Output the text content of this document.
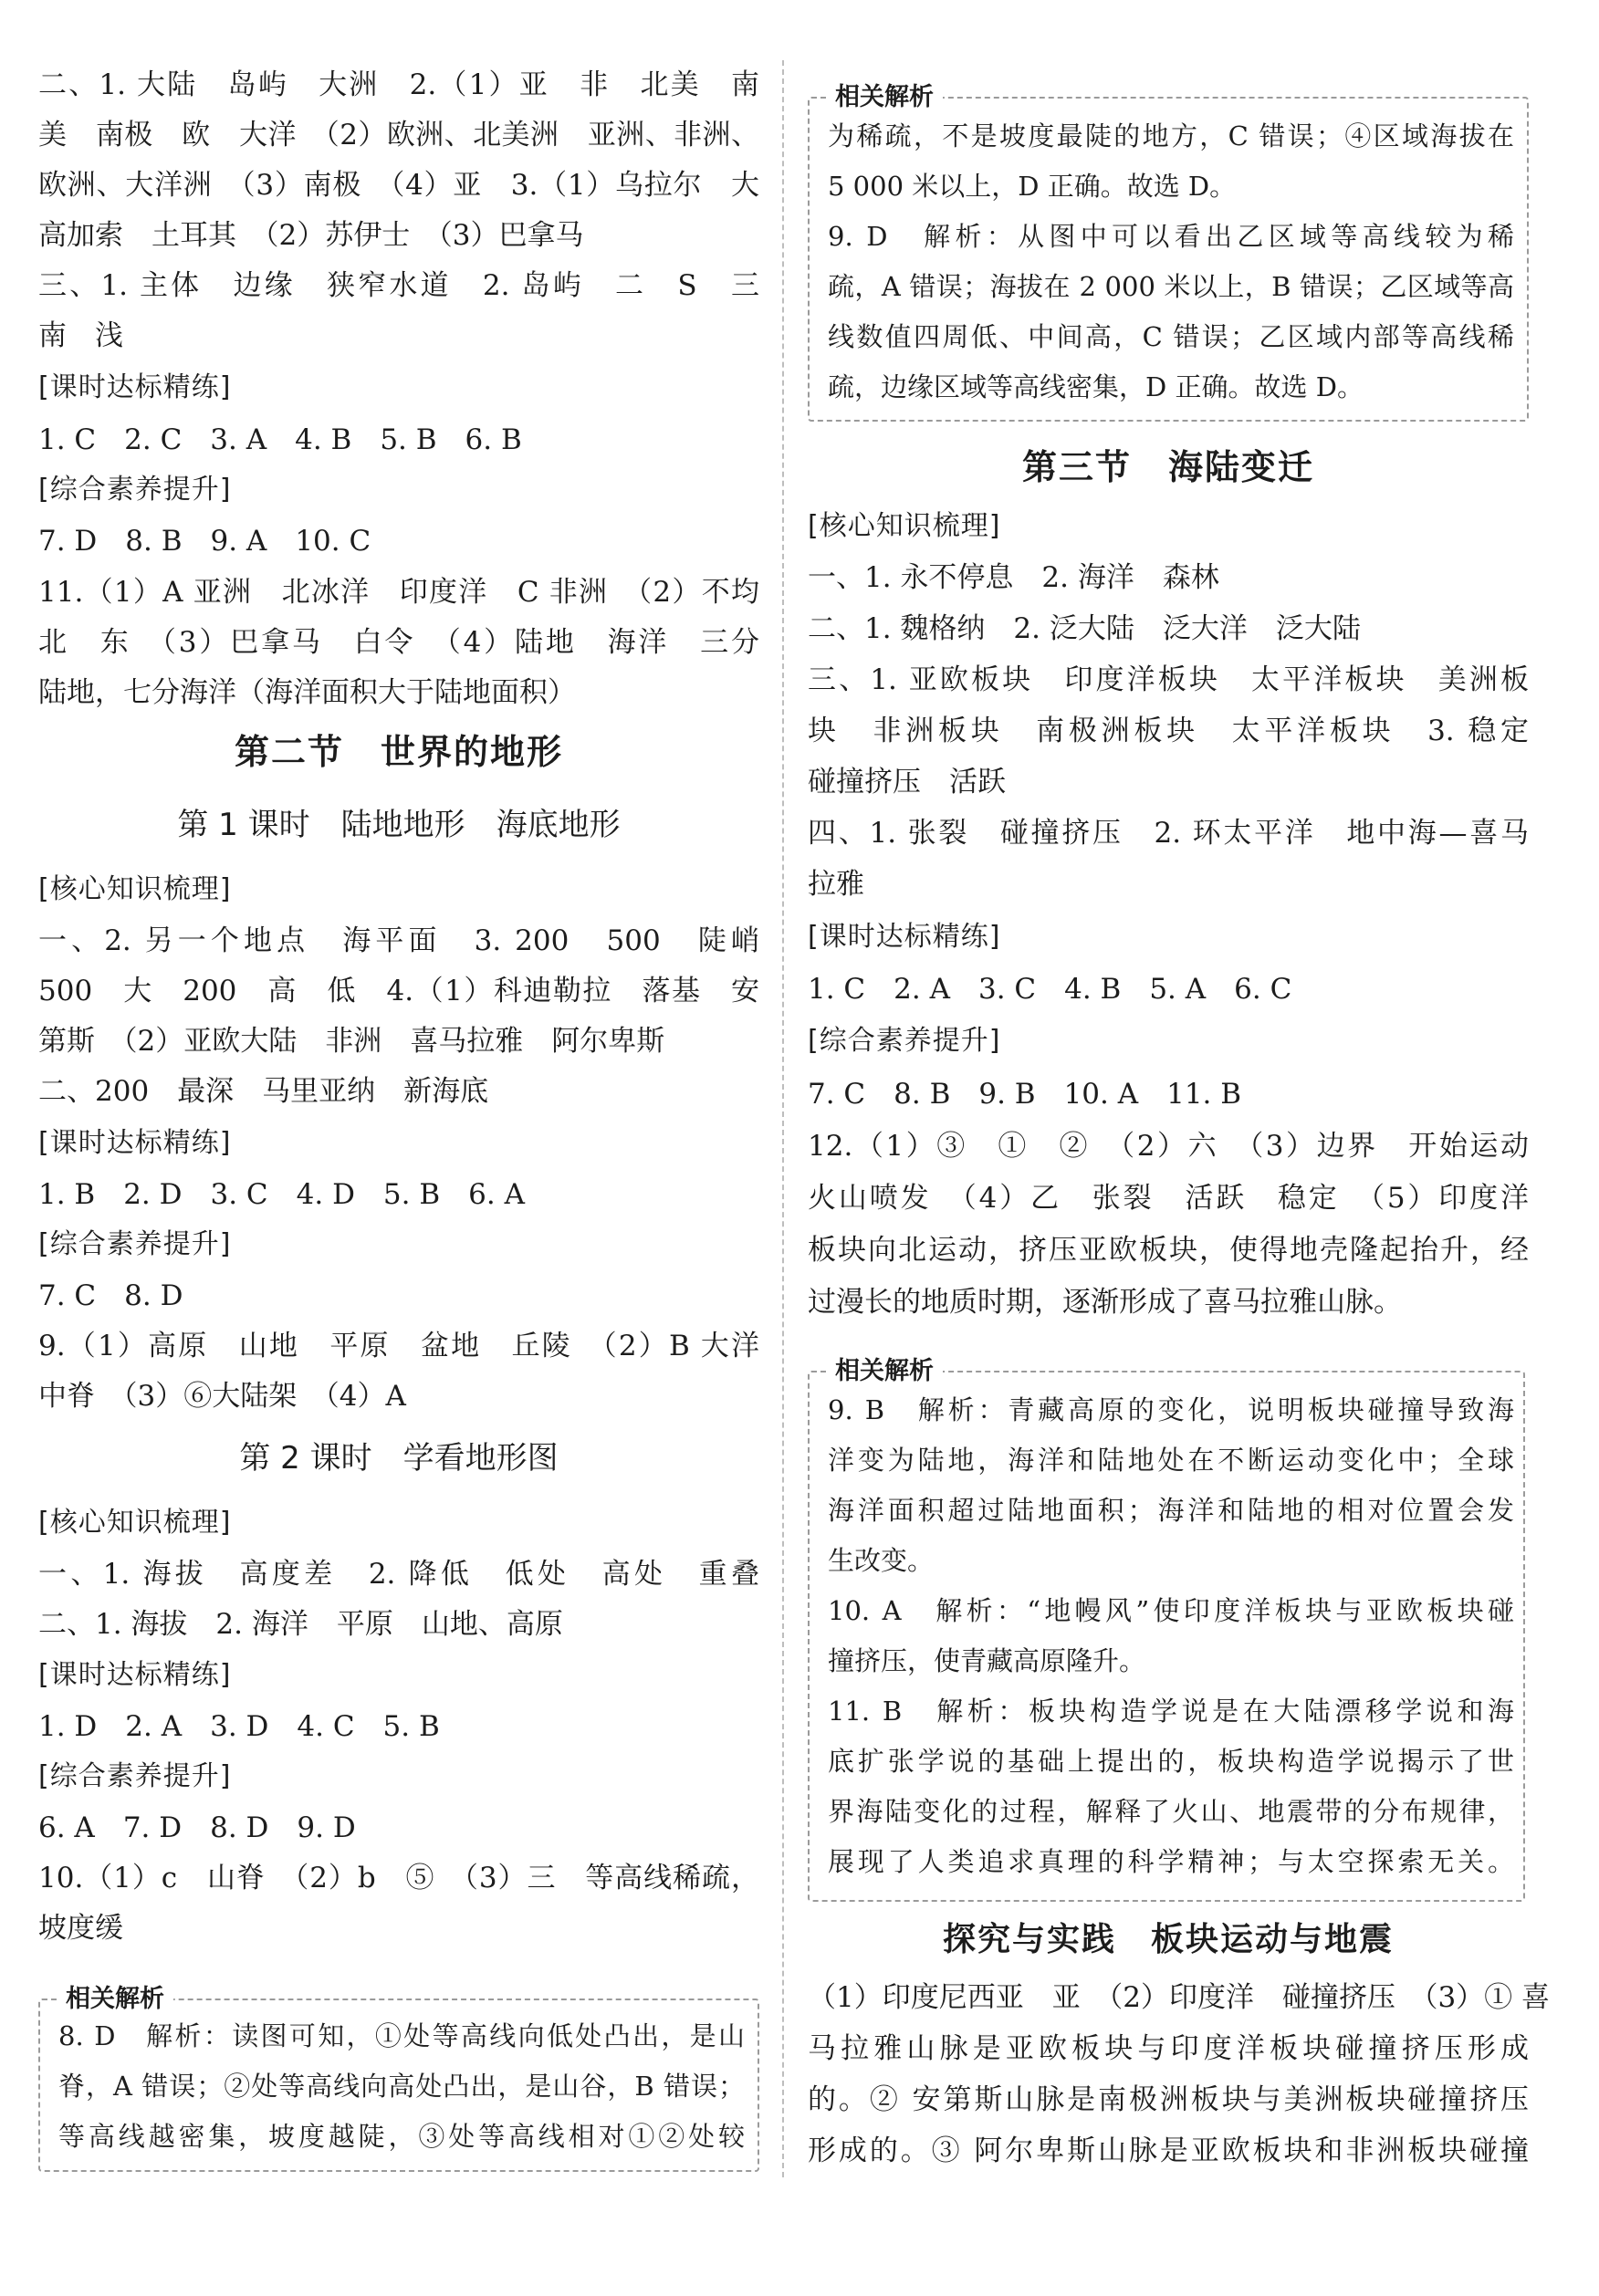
二、1. 大陆　岛屿　大洲　2.（1）亚　非　北美　南
美　南极　欧　大洋　（2）欧洲、北美洲　亚洲、非洲、
欧洲、大洋洲　（3）南极　（4）亚　3.（1）乌拉尔　大
高加索　土耳其　（2）苏伊士　（3）巴拿马
三、1. 主体　边缘　狭窄水道　2. 岛屿　二　S　三
南　浅
[课时达标精练]
1. C　2. C　3. A　4. B　5. B　6. B
[综合素养提升]
7. D　8. B　9. A　10. C
11.（1）A 亚洲　北冰洋　印度洋　C 非洲　（2）不均
北　东　（3）巴拿马　白令　（4）陆地　海洋　三分
陆地，七分海洋（海洋面积大于陆地面积）
第二节　世界的地形
第 1 课时　陆地地形　海底地形
[核心知识梳理]
一、2. 另一个地点　海平面　3. 200　500　陡峭
500　大　200　高　低　4.（1）科迪勒拉　落基　安
第斯　（2）亚欧大陆　非洲　喜马拉雅　阿尔卑斯
二、200　最深　马里亚纳　新海底
[课时达标精练]
1. B　2. D　3. C　4. D　5. B　6. A
[综合素养提升]
7. C　8. D
9.（1）高原　山地　平原　盆地　丘陵　（2）B 大洋
中脊　（3）⑥大陆架　（4）A
第 2 课时　学看地形图
[核心知识梳理]
一、1. 海拔　高度差　2. 降低　低处　高处　重叠
二、1. 海拔　2. 海洋　平原　山地、高原
[课时达标精练]
1. D　2. A　3. D　4. C　5. B
[综合素养提升]
6. A　7. D　8. D　9. D
10.（1）c　山脊　（2）b　⑤　（3）三　等高线稀疏，
坡度缓
相关解析
8. D　解析：读图可知，①处等高线向低处凸出，是山
脊，A 错误；②处等高线向高处凸出，是山谷，B 错误；
等高线越密集，坡度越陡，③处等高线相对①②处较
相关解析
为稀疏，不是坡度最陡的地方，C 错误；④区域海拔在
5 000 米以上，D 正确。故选 D。
9. D　解析：从图中可以看出乙区域等高线较为稀
疏，A 错误；海拔在 2 000 米以上，B 错误；乙区域等高
线数值四周低、中间高，C 错误；乙区域内部等高线稀
疏，边缘区域等高线密集，D 正确。故选 D。
第三节　海陆变迁
[核心知识梳理]
一、1. 永不停息　2. 海洋　森林
二、1. 魏格纳　2. 泛大陆　泛大洋　泛大陆
三、1. 亚欧板块　印度洋板块　太平洋板块　美洲板
块　非洲板块　南极洲板块　太平洋板块　3. 稳定
碰撞挤压　活跃
四、1. 张裂　碰撞挤压　2. 环太平洋　地中海—喜马
拉雅
[课时达标精练]
1. C　2. A　3. C　4. B　5. A　6. C
[综合素养提升]
7. C　8. B　9. B　10. A　11. B
12.（1）③　①　②　（2）六　（3）边界　开始运动
火山喷发　（4）乙　张裂　活跃　稳定　（5）印度洋
板块向北运动，挤压亚欧板块，使得地壳隆起抬升，经
过漫长的地质时期，逐渐形成了喜马拉雅山脉。
相关解析
9. B　解析：青藏高原的变化，说明板块碰撞导致海
洋变为陆地，海洋和陆地处在不断运动变化中；全球
海洋面积超过陆地面积；海洋和陆地的相对位置会发
生改变。
10. A　解析：“地幔风”使印度洋板块与亚欧板块碰
撞挤压，使青藏高原隆升。
11. B　解析：板块构造学说是在大陆漂移学说和海
底扩张学说的基础上提出的，板块构造学说揭示了世
界海陆变化的过程，解释了火山、地震带的分布规律，
展现了人类追求真理的科学精神；与太空探索无关。
探究与实践　板块运动与地震
（1）印度尼西亚　亚　（2）印度洋　碰撞挤压　（3）① 喜
马拉雅山脉是亚欧板块与印度洋板块碰撞挤压形成
的。② 安第斯山脉是南极洲板块与美洲板块碰撞挤压
形成的。③ 阿尔卑斯山脉是亚欧板块和非洲板块碰撞
